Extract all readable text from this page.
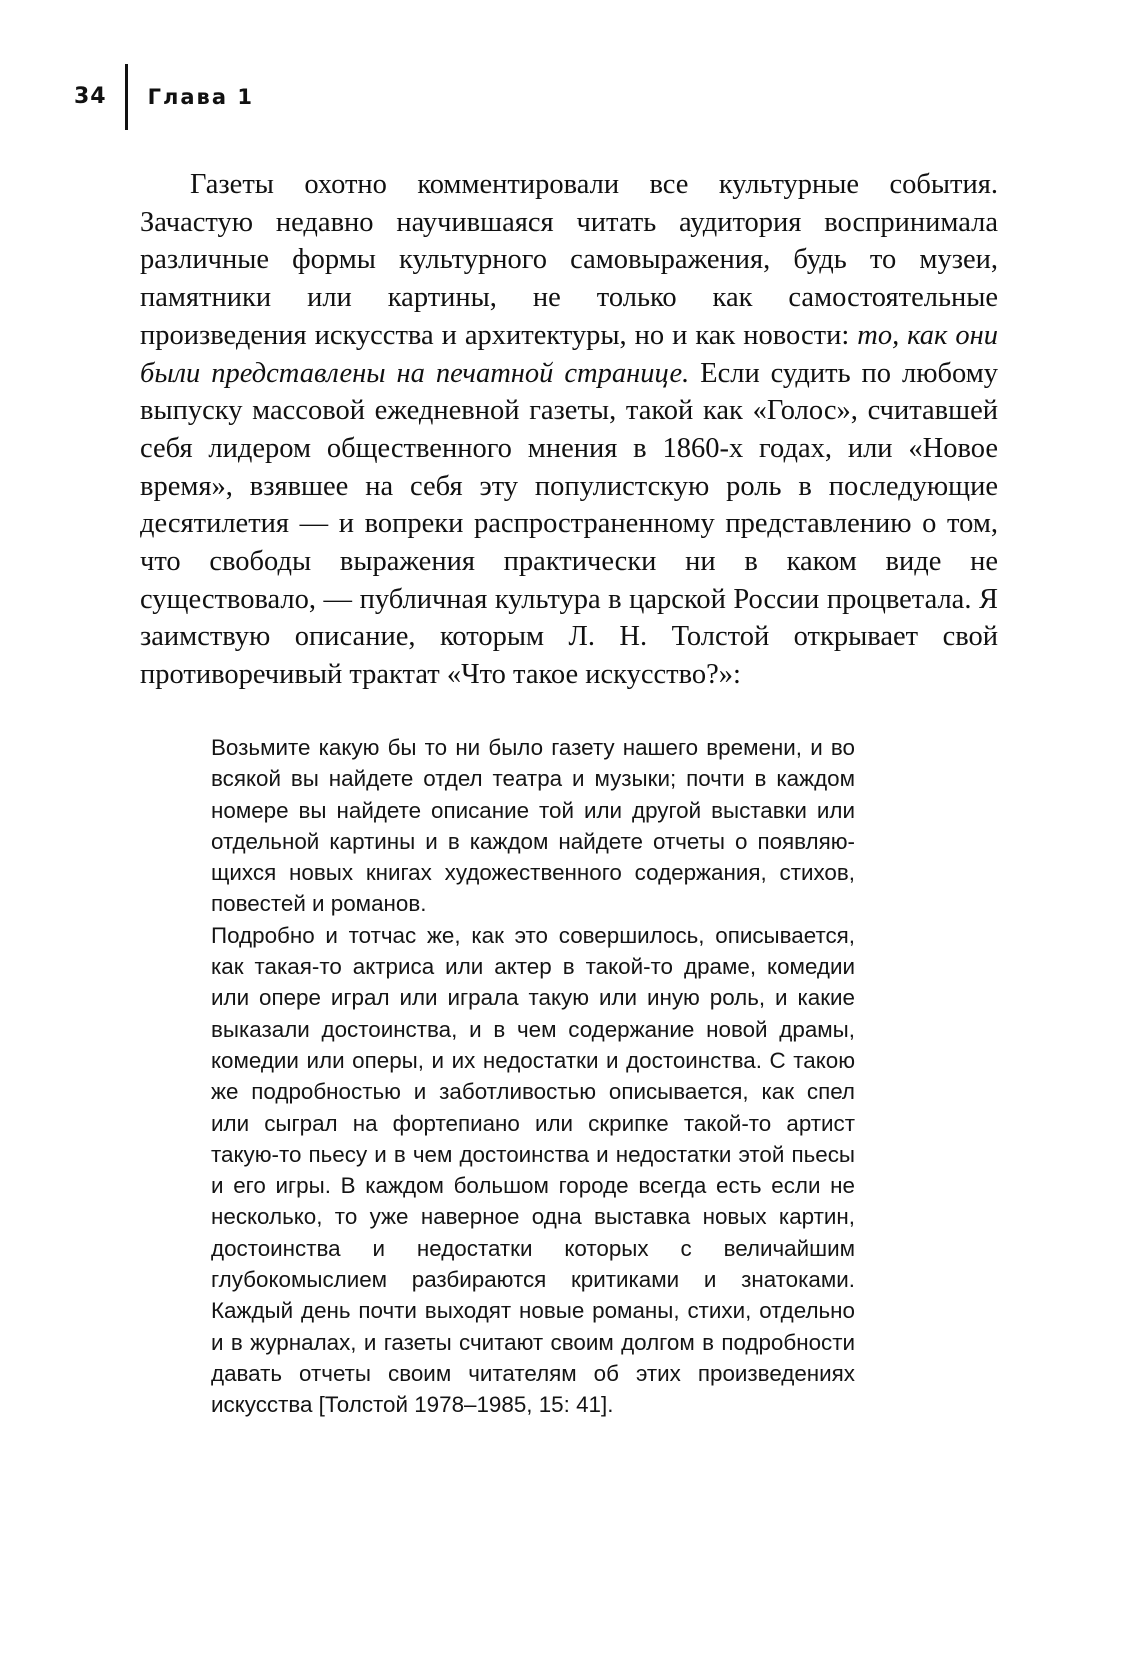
34 Глава 1

Газеты охотно комментировали все культурные события. Зачастую недавно научившаяся читать аудитория воспринимала различные формы культурного самовыражения, будь то музеи, памятники или картины, не только как самостоятельные произведения искусства и архитектуры, но и как новости: то, как они были представлены на печатной странице. Если судить по любому выпуску массовой ежедневной газеты, такой как «Голос», считавшей себя лидером общественного мнения в 1860-х годах, или «Новое время», взявшее на себя эту популистскую роль в последующие десятилетия — и вопреки распространенному представлению о том, что свободы выражения практически ни в каком виде не существовало, — публичная культура в царской России процветала. Я заимствую описание, которым Л. Н. Толстой открывает свой противоречивый трактат «Что такое искусство?»:

Возьмите какую бы то ни было газету нашего времени, и во всякой вы найдете отдел театра и музыки; почти в каждом номере вы найдете описание той или другой выставки или отдельной картины и в каждом найдете отчеты о появляющихся новых книгах художественного содержания, стихов, повестей и романов.

Подробно и тотчас же, как это совершилось, описывается, как такая-то актриса или актер в такой-то драме, комедии или опере играл или играла такую или иную роль, и какие выказали достоинства, и в чем содержание новой драмы, комедии или оперы, и их недостатки и достоинства. С такою же подробностью и заботливостью описывается, как спел или сыграл на фортепиано или скрипке такой-то артист такую-то пьесу и в чем достоинства и недостатки этой пьесы и его игры. В каждом большом городе всегда есть если не несколько, то уже наверное одна выставка новых картин, достоинства и недостатки которых с величайшим глубокомыслием разбираются критиками и знатоками. Каждый день почти выходят новые романы, стихи, отдельно и в журналах, и газеты считают своим долгом в подробности давать отчеты своим читателям об этих произведениях искусства [Толстой 1978–1985, 15: 41].
